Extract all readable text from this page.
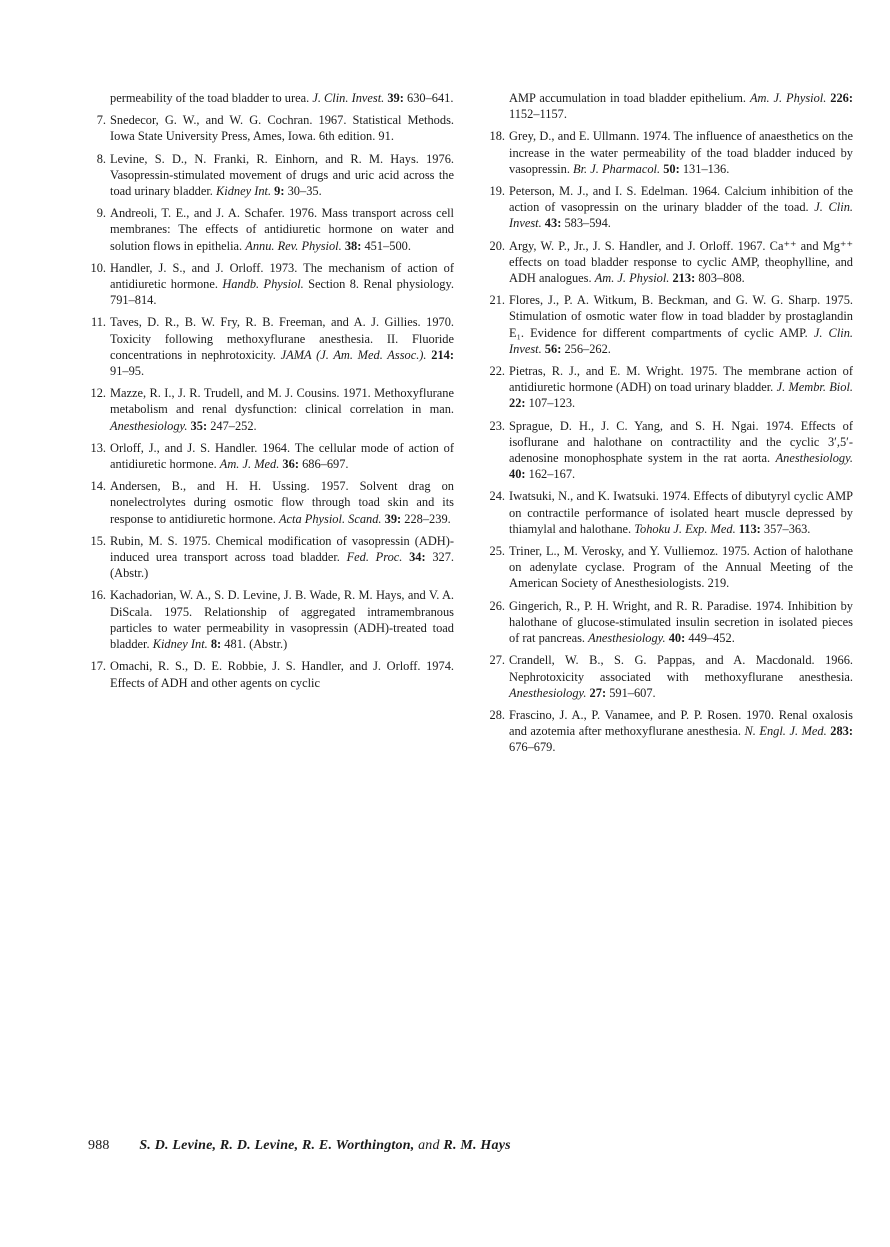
permeability of the toad bladder to urea. J. Clin. Invest. 39: 630–641.
7. Snedecor, G. W., and W. G. Cochran. 1967. Statistical Methods. Iowa State University Press, Ames, Iowa. 6th edition. 91.
8. Levine, S. D., N. Franki, R. Einhorn, and R. M. Hays. 1976. Vasopressin-stimulated movement of drugs and uric acid across the toad urinary bladder. Kidney Int. 9: 30–35.
9. Andreoli, T. E., and J. A. Schafer. 1976. Mass transport across cell membranes: The effects of antidiuretic hormone on water and solution flows in epithelia. Annu. Rev. Physiol. 38: 451–500.
10. Handler, J. S., and J. Orloff. 1973. The mechanism of action of antidiuretic hormone. Handb. Physiol. Section 8. Renal physiology. 791–814.
11. Taves, D. R., B. W. Fry, R. B. Freeman, and A. J. Gillies. 1970. Toxicity following methoxyflurane anesthesia. II. Fluoride concentrations in nephrotoxicity. JAMA (J. Am. Med. Assoc.). 214: 91–95.
12. Mazze, R. I., J. R. Trudell, and M. J. Cousins. 1971. Methoxyflurane metabolism and renal dysfunction: clinical correlation in man. Anesthesiology. 35: 247–252.
13. Orloff, J., and J. S. Handler. 1964. The cellular mode of action of antidiuretic hormone. Am. J. Med. 36: 686–697.
14. Andersen, B., and H. H. Ussing. 1957. Solvent drag on nonelectrolytes during osmotic flow through toad skin and its response to antidiuretic hormone. Acta Physiol. Scand. 39: 228–239.
15. Rubin, M. S. 1975. Chemical modification of vasopressin (ADH)-induced urea transport across toad bladder. Fed. Proc. 34: 327. (Abstr.)
16. Kachadorian, W. A., S. D. Levine, J. B. Wade, R. M. Hays, and V. A. DiScala. 1975. Relationship of aggregated intramembranous particles to water permeability in vasopressin (ADH)-treated toad bladder. Kidney Int. 8: 481. (Abstr.)
17. Omachi, R. S., D. E. Robbie, J. S. Handler, and J. Orloff. 1974. Effects of ADH and other agents on cyclic
AMP accumulation in toad bladder epithelium. Am. J. Physiol. 226: 1152–1157.
18. Grey, D., and E. Ullmann. 1974. The influence of anaesthetics on the increase in the water permeability of the toad bladder induced by vasopressin. Br. J. Pharmacol. 50: 131–136.
19. Peterson, M. J., and I. S. Edelman. 1964. Calcium inhibition of the action of vasopressin on the urinary bladder of the toad. J. Clin. Invest. 43: 583–594.
20. Argy, W. P., Jr., J. S. Handler, and J. Orloff. 1967. Ca⁺⁺ and Mg⁺⁺ effects on toad bladder response to cyclic AMP, theophylline, and ADH analogues. Am. J. Physiol. 213: 803–808.
21. Flores, J., P. A. Witkum, B. Beckman, and G. W. G. Sharp. 1975. Stimulation of osmotic water flow in toad bladder by prostaglandin E₁. Evidence for different compartments of cyclic AMP. J. Clin. Invest. 56: 256–262.
22. Pietras, R. J., and E. M. Wright. 1975. The membrane action of antidiuretic hormone (ADH) on toad urinary bladder. J. Membr. Biol. 22: 107–123.
23. Sprague, D. H., J. C. Yang, and S. H. Ngai. 1974. Effects of isoflurane and halothane on contractility and the cyclic 3′,5′-adenosine monophosphate system in the rat aorta. Anesthesiology. 40: 162–167.
24. Iwatsuki, N., and K. Iwatsuki. 1974. Effects of dibutyryl cyclic AMP on contractile performance of isolated heart muscle depressed by thiamylal and halothane. Tohoku J. Exp. Med. 113: 357–363.
25. Triner, L., M. Verosky, and Y. Vulliemoz. 1975. Action of halothane on adenylate cyclase. Program of the Annual Meeting of the American Society of Anesthesiologists. 219.
26. Gingerich, R., P. H. Wright, and R. R. Paradise. 1974. Inhibition by halothane of glucose-stimulated insulin secretion in isolated pieces of rat pancreas. Anesthesiology. 40: 449–452.
27. Crandell, W. B., S. G. Pappas, and A. Macdonald. 1966. Nephrotoxicity associated with methoxyflurane anesthesia. Anesthesiology. 27: 591–607.
28. Frascino, J. A., P. Vanamee, and P. P. Rosen. 1970. Renal oxalosis and azotemia after methoxyflurane anesthesia. N. Engl. J. Med. 283: 676–679.
988 S. D. Levine, R. D. Levine, R. E. Worthington, and R. M. Hays
